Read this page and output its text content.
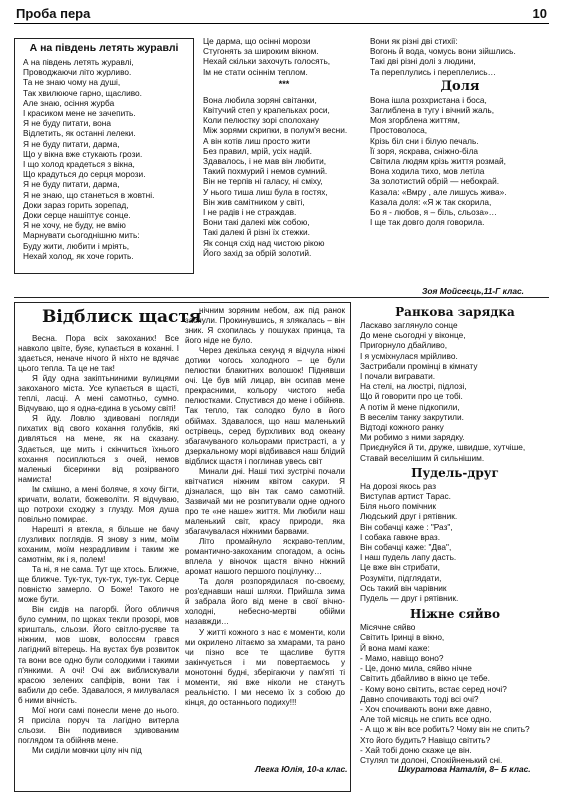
Проба пера	10
А на південь летять журавлі
А на південь летять журавлі,
Проводжаючи літо журливо.
Та не знаю чому на душі,
Так хвилююче гарно, щасливо.
Але знаю, осіння журба
І красиком мене не зачепить.
Я не буду питати, вона
Відлетить, як останні лелеки.
Я не буду питати, дарма,
Що у вікна вже стукають грози.
І що холод крадеться з вікна,
Що крадуться до серця морози.
Я не буду питати, дарма,
Я не знаю, що станеться в жовтні.
Доки зараз горить зорепад,
Доки серце нашіптує сонце.
Я не хочу, не буду, не вмію
Марнувати сьогоднішню мить:
Буду жити, любити і мріять,
Нехай холод, як хоче горить.
Це дарма, що осінні морози
Стугонять за широким вікном.
Нехай скільки захочуть голосять,
Ім не стати осіннім теплом.
***
Вона любила зоряні світанки,
Квітучий степ у крапельках роси,
Коли пелюстку зорі сполохану
Між зорями скрипки, в полум'я весни.
А він котів лиш просто жити
Без правил, мрій, усіх надій.
Здавалось, і не мав він любити,
Такий похмурий і немов сумний.
Він не терпів ні галасу, ні сміху,
У нього тиша лиш була в гостях,
Він жив самітником у світі,
І не радів і не страждав.
Вони такі далекі між собою,
Такі далекі й різні їх стежки.
Як сонця схід над чистою рікою
Його захід за обрій золотий.
Вони як різні дві стихії:
Вогонь й вода, чомусь вони зійшлись.
Такі дві різні долі з людини,
Та переплулись і переплелись…
Доля
Вона ішла розхристана і боса,
Заглиблена в тугу і вічний жаль,
Моя згорблена життям,
Простоволоса,
Крізь біл сни і білую печаль.
Її зоря, яскрава, сніжно-біла
Світила людям крізь життя розмай,
Вона ходила тихо, мов летіла
За золотистий обрій — небокрай.
Казала: «Вмру , але лишусь жива».
Казала доля: «Я ж так скорила,
Бо я - любов, я – біль, сльоза»…
І ще так довго доля говорила.
Зоя Мойсеєць,11-Г клас.
Відблиск щастя

Весна. Пора всіх закоханих! Все навколо цвіте, буяє, купається в коханні. І здається, неначе нічого й ніхто не вдячає цього тепла. Та це не так!

Я йду одна закіптьниними вулицями закоханого міста. Усе купається в щасті, теплі, ласці. А мені самотньо, сумно. Відчуваю, що я одна-єдина в усьому світі!

Я йду. Ловлю здивовані погляди пихатих від свого кохання голубків, які дивляться на мене, як на сказану. Здається, ще мить і скінчиться їхнього кохання посиплються з очей, немов маленькі бісеринки від розірваного намиста!

Ім смішно, а мені боляче, я хочу бігти, кричати, волати, божеволіти. Я відчуваю, що потрохи сходжу з глузду. Моя душа повільно помирає.

Нарешті я втекла, я більше не бачу глузливих поглядів. Я знову з ним, моїм коханим, моїм незрадливим і таким же самотнім, як і я, полем!

Та ні, я не сама. Тут ще хтось. Ближче, ще ближче. Тук-тук, тук-тук, тук-тук. Серце повністю замерло. О Боже! Такого не може бути.

Він сидів на пагорбі. Його обличчя було сумним, по щоках текли прозорі, мов кришталь, сльози. Його світло-русяве та ніжним, мов шовк, волоссям грався лагідний вітерець. На вустах був розвиток та вони все одно були солодкими і такими п'янкими. А очі! Очі аж виблискували красою зелених сапфірів, вони так і вабили до себе. Здавалося, я милувалася б ними вічність.

Мої ноги самі понесли мене до нього. Я присіла поруч та лагідно витерла сльози. Він подивився здивованим поглядом та обійняв мене.

Ми сиділи мовчки цілу ніч під

нічним зоряним небом, аж під ранок заснули. Прокинувшись, я злякалась – він зник. Я схопилась у пошуках принца, та його ніде не було.

Через декілька секунд я відчула ніжні дотики чогось холодного – це були пелюстки блакитних волошок! Піднявши очі. Це був мій лицар, він осипав мене прекрасними, кольору чистого неба пелюстками. Спустився до мене і обійняв. Так тепло, так солодко було в його обіймах. Здавалося, що наш маленький острівець, серед бурхливих вод океану збагачуваного кольорами пристрасті, а у дзеркальному морі відбивався наш блідий відблиск щастя і поглинав увесь світ

Минали дні. Наші тихі зустрічі почали квітчатися ніжним квітом сакури. Я дізналася, що він так само самотній. Зазвичай ми не розпитували одне одного про те «не наше» життя. Ми любили наш маленький світ, красу природи, яка збагачувалася ніжними барвами.

Літо промайнуло яскраво-теплим, романтично-закоханим спогадом, а осінь вплела у віночок щастя вічно ніжний аромат нашого першого поцілунку…

Та доля розпорядилася по-своєму, роз'єднавши наші шляхи. Прийшла зима й забрала його від мене в свої вічно-холодні, небесно-мертві обійми назавжди…

У житті кожного з нас є моменти, коли ми окрилено літаємо за хмарами, та рано чи пізно все те щасливе буття закінчується і ми повертаємось у монотонні будні, зберігаючи у пам'яті ті моменти, які вже ніколи не станутъ реальністю. І ми несемо їх з собою до кінця, до останнього подиху!!!

Легка Юлія, 10-а клас.
Ранкова зарядка
Ласкаво заглянуло сонце
До мене сьогодні у віконце,
Пригорнуло дбайливо,
І я усміхнулася мрійливо.
Застрибали промінці в кімнату
І почали вигравати.
На стелі, на люстрі, підлозі,
Що й говорити про це тобі.
А потім й мене підкопили,
В веселім танку закрутили.
Відтоді кожного ранку
Ми робимо з ними зарядку.
Приєднуйся й ти, друже, швидше, хутчіше,
Ставай веселішим й сильнішим.
Пудель-друг
На дорозі якось раз
Виступав артист Тарас.
Біля нього помічник
Людський друг і рятівник.
Він собачці каже : "Раз",
І собака гавкне враз.
Він собачці каже: "Два",
І наш пудель лапу дасть.
Це вже він стрибати,
Розуміти, підглядати,
Ось такий він чарівник
Пудель — друг і рятівник.
Ніжне сяйво
Місячне сяйво
Світить Іринці в вікно,
Й вона мамі каже:
- Мамо, навіщо воно?
- Це, доню мила, сяйво нічне
Світить дбайливо в вікно це тебе.
- Кому воно світить, встає серед ночі?
Давно спочивають тоді всі очі?
- Хоч спочивають вони вже давно,
Але той місяць не спить все одно.
- А що ж він все робить? Чому він не спить?
Хто його будить? Навіщо світить?
- Хай тобі доню скаже це він.
Стулял ти долоні, Спокійненький сні.
Шкуратова Наталія, 8– Б клас.
